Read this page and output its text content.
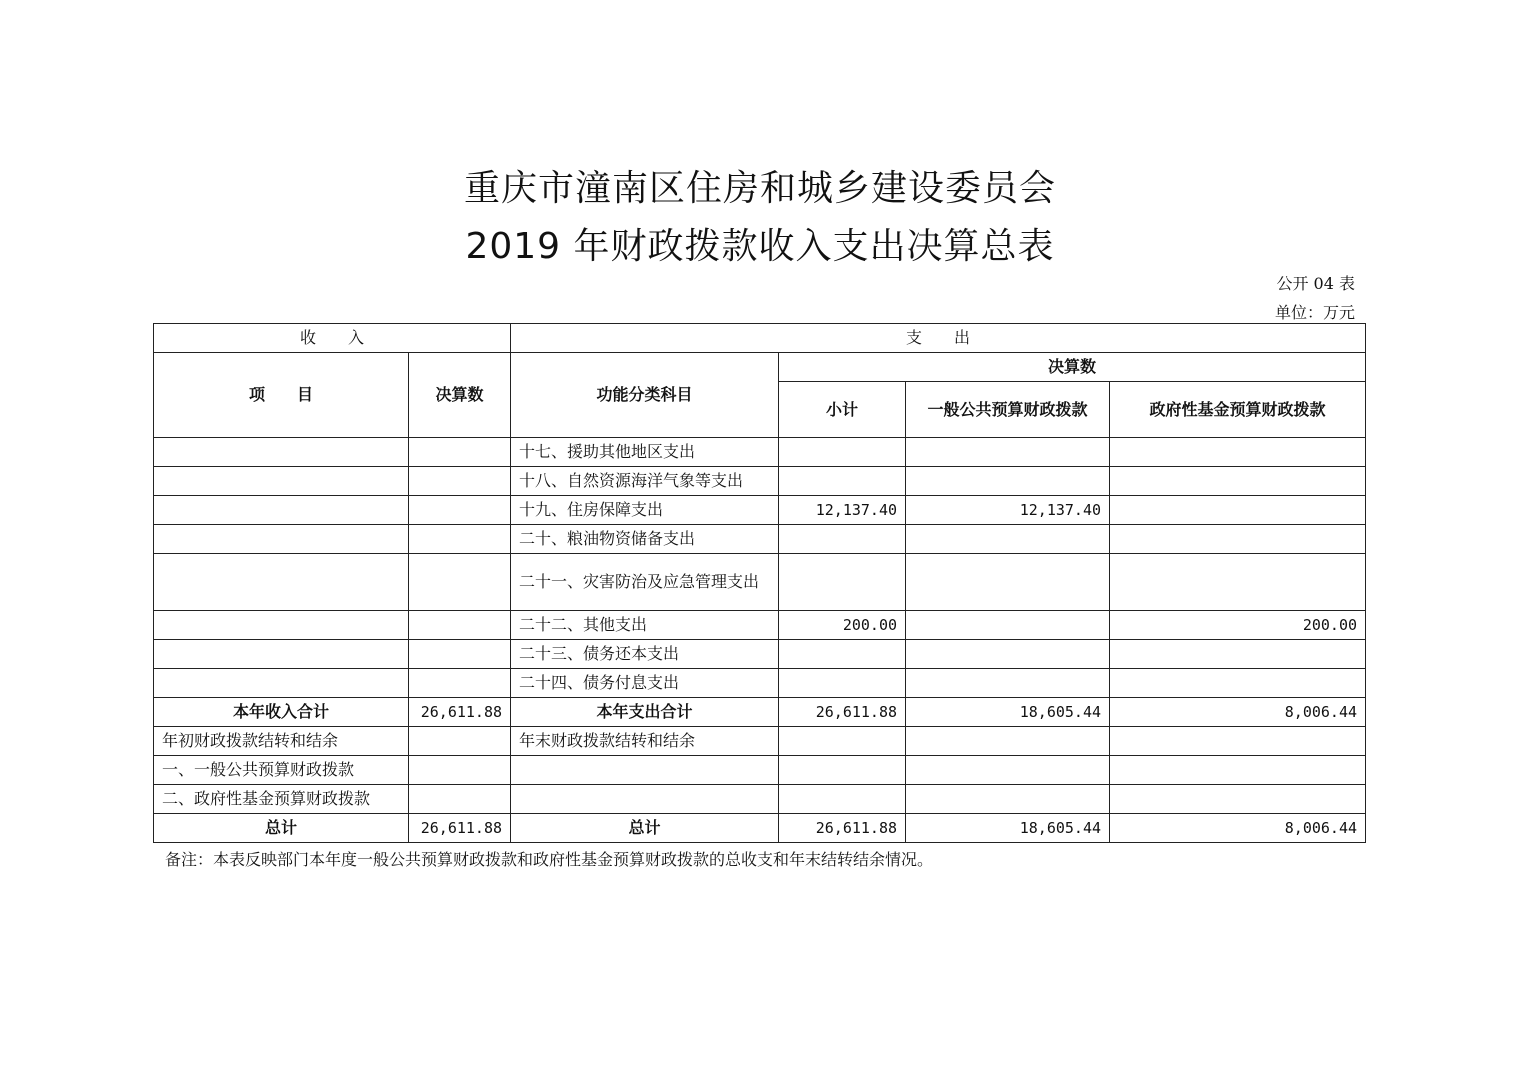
重庆市潼南区住房和城乡建设委员会
2019 年财政拨款收入支出决算总表
公开 04 表
单位：万元
收　　入		支　　出			
项　　目	决算数	功能分类科目	决算数		
			小计	一般公共预算财政拨款	政府性基金预算财政拨款
		十七、援助其他地区支出			
		十八、自然资源海洋气象等支出			
		十九、住房保障支出	12,137.40	12,137.40	
		二十、粮油物资储备支出			
		二十一、灾害防治及应急管理支出			
		二十二、其他支出	200.00		200.00
		二十三、债务还本支出			
		二十四、债务付息支出			
本年收入合计	26,611.88	本年支出合计	26,611.88	18,605.44	8,006.44
年初财政拨款结转和结余		年末财政拨款结转和结余			
一、一般公共预算财政拨款					
二、政府性基金预算财政拨款					
总计	26,611.88	总计	26,611.88	18,605.44	8,006.44
备注：本表反映部门本年度一般公共预算财政拨款和政府性基金预算财政拨款的总收支和年末结转结余情况。
